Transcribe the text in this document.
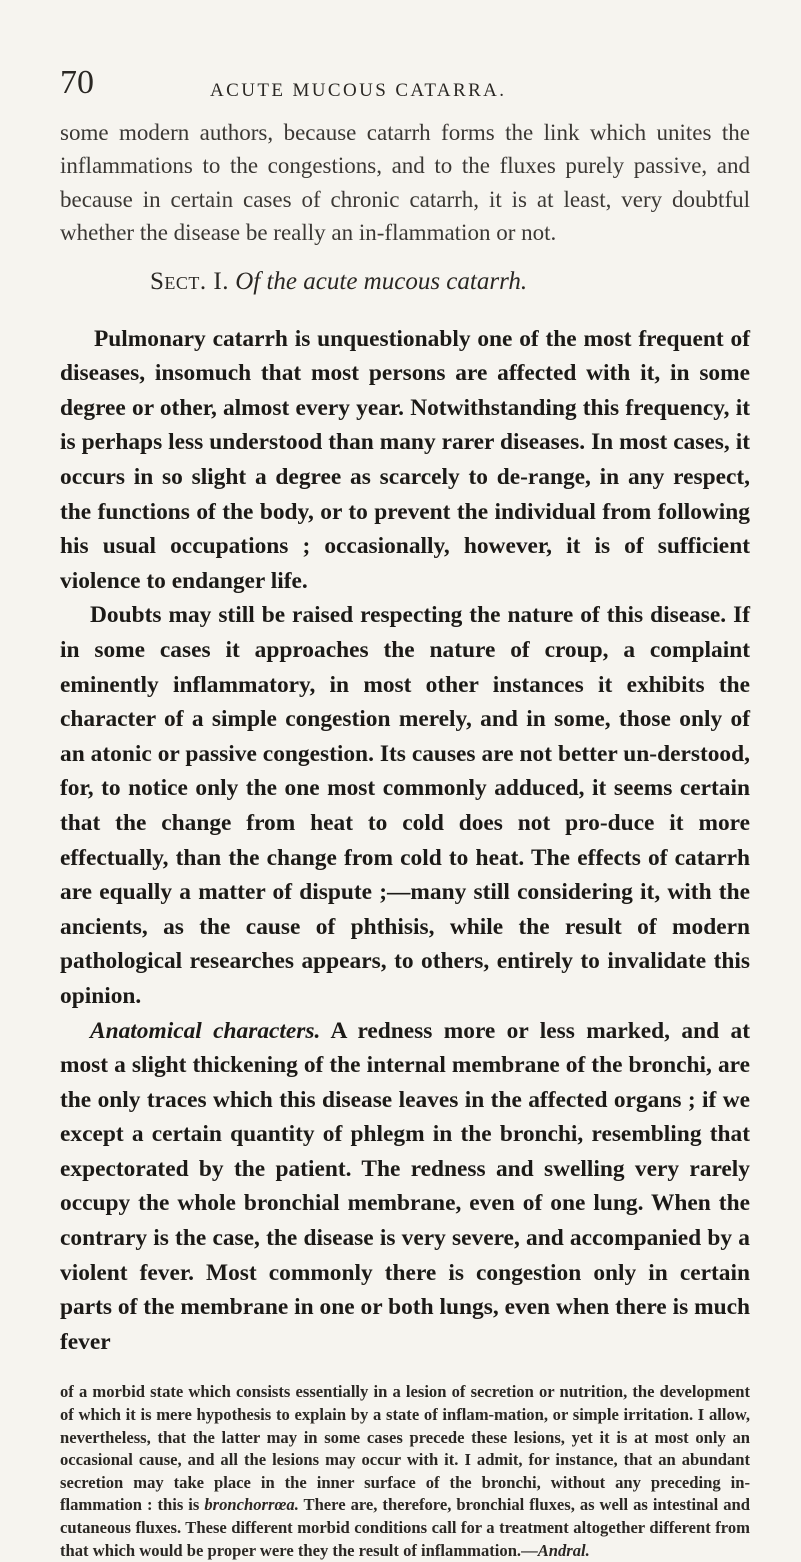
70	ACUTE MUCOUS CATARRA.
some modern authors, because catarrh forms the link which unites the inflammations to the congestions, and to the fluxes purely passive, and because in certain cases of chronic catarrh, it is at least, very doubtful whether the disease be really an in-flammation or not.
Sect. I. Of the acute mucous catarrh.

Pulmonary catarrh is unquestionably one of the most frequent of diseases, insomuch that most persons are affected with it, in some degree or other, almost every year. Notwithstanding this frequency, it is perhaps less understood than many rarer diseases. In most cases, it occurs in so slight a degree as scarcely to de-range, in any respect, the functions of the body, or to prevent the individual from following his usual occupations ; occasionally, however, it is of sufficient violence to endanger life.

Doubts may still be raised respecting the nature of this disease. If in some cases it approaches the nature of croup, a complaint eminently inflammatory, in most other instances it exhibits the character of a simple congestion merely, and in some, those only of an atonic or passive congestion. Its causes are not better un-derstood, for, to notice only the one most commonly adduced, it seems certain that the change from heat to cold does not pro-duce it more effectually, than the change from cold to heat. The effects of catarrh are equally a matter of dispute ;—many still considering it, with the ancients, as the cause of phthisis, while the result of modern pathological researches appears, to others, entirely to invalidate this opinion.

Anatomical characters. A redness more or less marked, and at most a slight thickening of the internal membrane of the bronchi, are the only traces which this disease leaves in the affected organs ; if we except a certain quantity of phlegm in the bronchi, resembling that expectorated by the patient. The redness and swelling very rarely occupy the whole bronchial membrane, even of one lung. When the contrary is the case, the disease is very severe, and accompanied by a violent fever. Most commonly there is congestion only in certain parts of the membrane in one or both lungs, even when there is much fever

of a morbid state which consists essentially in a lesion of secretion or nutrition, the development of which it is mere hypothesis to explain by a state of inflam-mation, or simple irritation. I allow, nevertheless, that the latter may in some cases precede these lesions, yet it is at most only an occasional cause, and all the lesions may occur with it. I admit, for instance, that an abundant secretion may take place in the inner surface of the bronchi, without any preceding in-flammation : this is bronchorrœa. There are, therefore, bronchial fluxes, as well as intestinal and cutaneous fluxes. These different morbid conditions call for a treatment altogether different from that which would be proper were they the result of inflammation.—Andral.
